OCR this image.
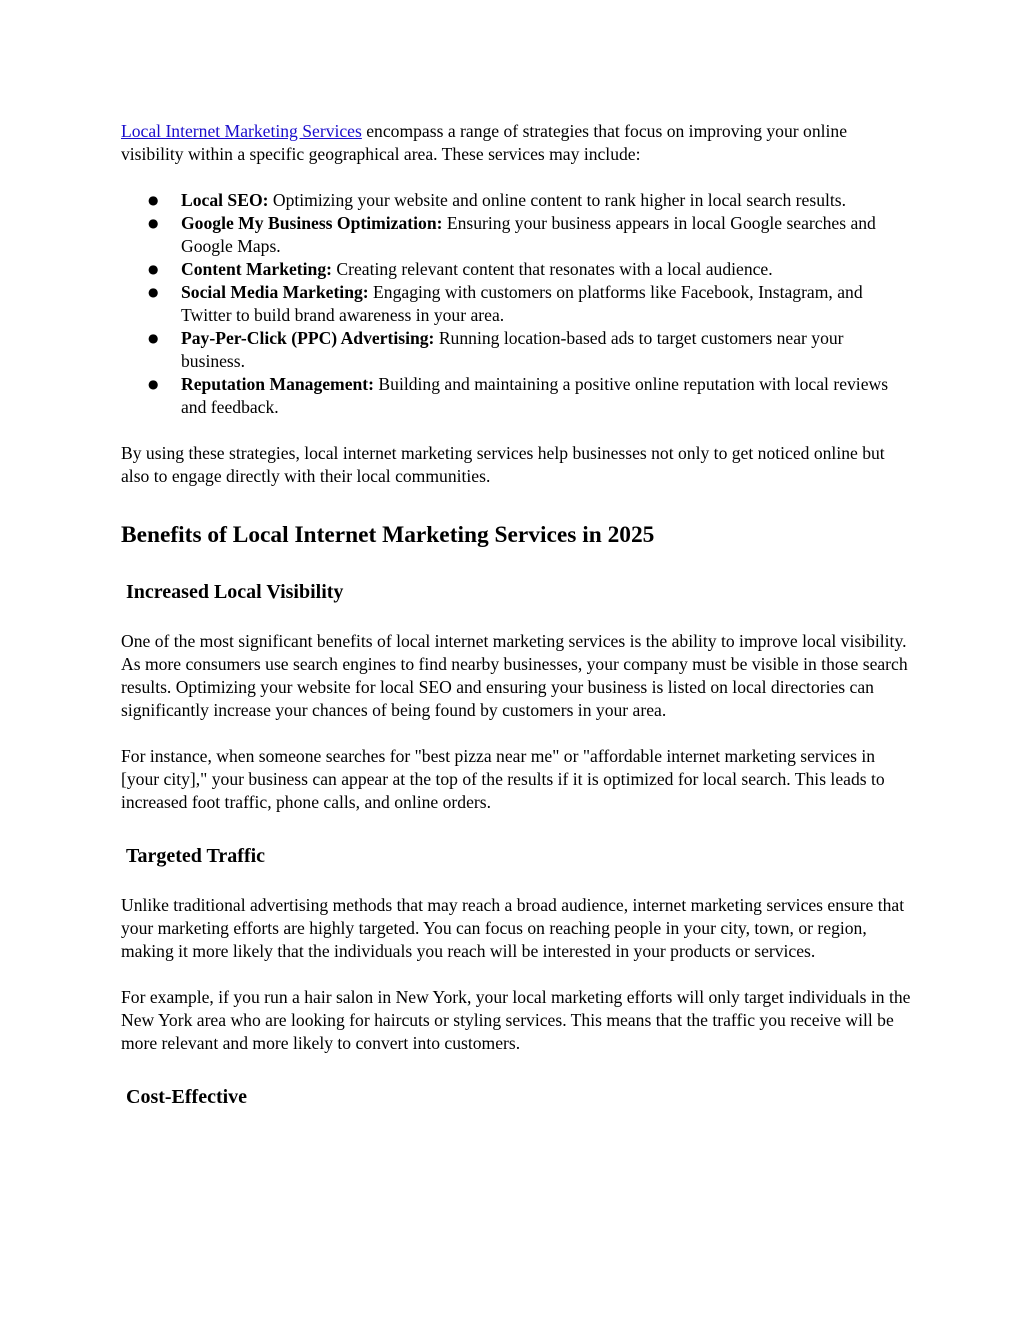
Local Internet Marketing Services encompass a range of strategies that focus on improving your online visibility within a specific geographical area. These services may include:

● Local SEO: Optimizing your website and online content to rank higher in local search results.
● Google My Business Optimization: Ensuring your business appears in local Google searches and Google Maps.
● Content Marketing: Creating relevant content that resonates with a local audience.
● Social Media Marketing: Engaging with customers on platforms like Facebook, Instagram, and Twitter to build brand awareness in your area.
● Pay-Per-Click (PPC) Advertising: Running location-based ads to target customers near your business.
● Reputation Management: Building and maintaining a positive online reputation with local reviews and feedback.

By using these strategies, local internet marketing services help businesses not only to get noticed online but also to engage directly with their local communities.

Benefits of Local Internet Marketing Services in 2025
Increased Local Visibility

One of the most significant benefits of local internet marketing services is the ability to improve local visibility. As more consumers use search engines to find nearby businesses, your company must be visible in those search results. Optimizing your website for local SEO and ensuring your business is listed on local directories can significantly increase your chances of being found by customers in your area.

For instance, when someone searches for "best pizza near me" or "affordable internet marketing services in [your city]," your business can appear at the top of the results if it is optimized for local search. This leads to increased foot traffic, phone calls, and online orders.

Targeted Traffic

Unlike traditional advertising methods that may reach a broad audience, internet marketing services ensure that your marketing efforts are highly targeted. You can focus on reaching people in your city, town, or region, making it more likely that the individuals you reach will be interested in your products or services.

For example, if you run a hair salon in New York, your local marketing efforts will only target individuals in the New York area who are looking for haircuts or styling services. This means that the traffic you receive will be more relevant and more likely to convert into customers.

Cost-Effective
